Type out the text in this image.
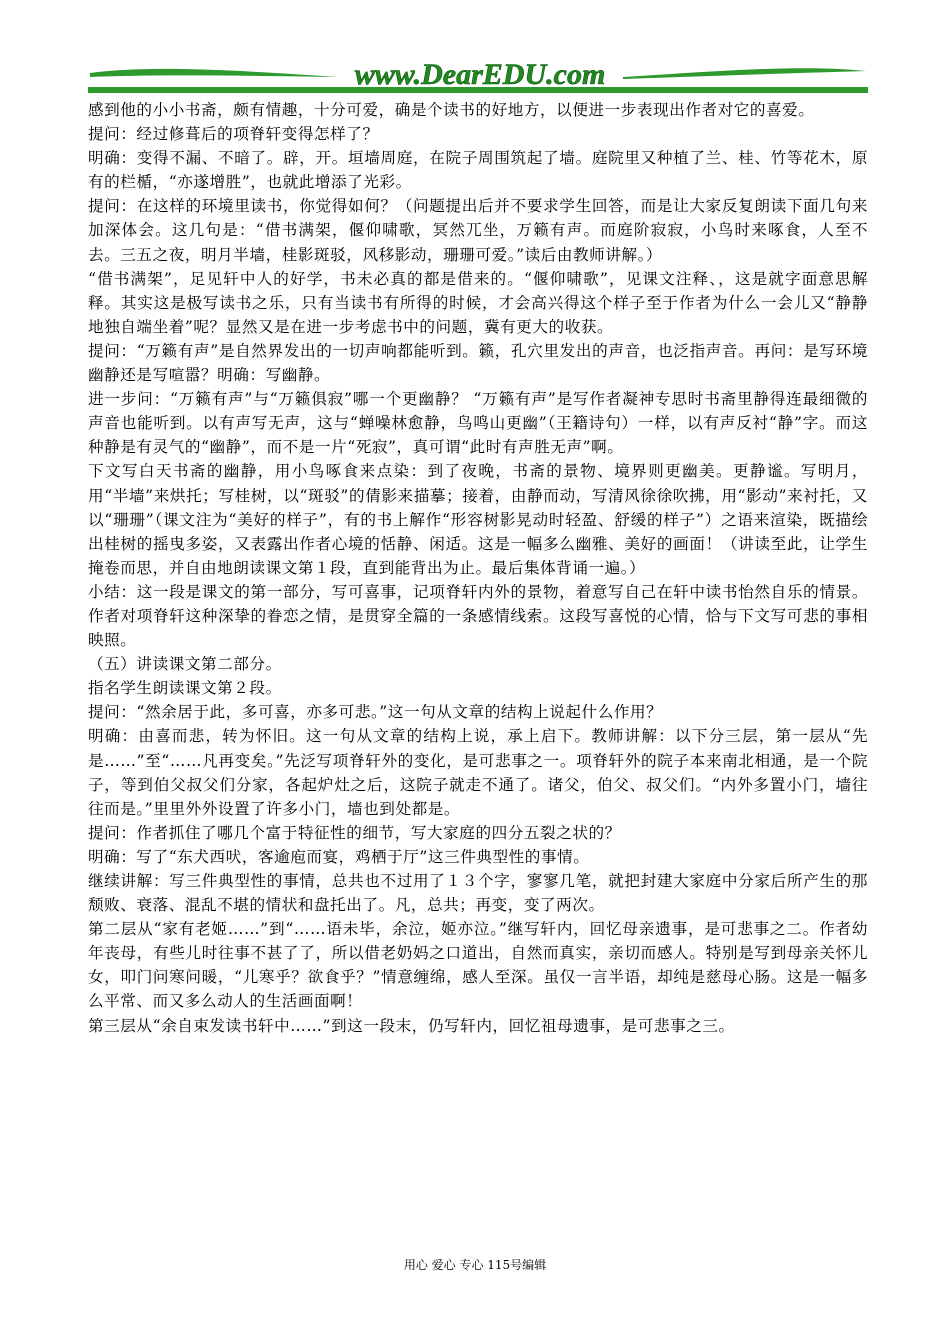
www.DearEDU.com

感到他的小小书斋，颇有情趣，十分可爱，确是个读书的好地方，以便进一步表现出作者对它的喜爱。

提问：经过修葺后的项脊轩变得怎样了？

明确：变得不漏、不暗了。辟，开。垣墙周庭，在院子周围筑起了墙。庭院里又种植了兰、桂、竹等花木，原有的栏楯，“亦遂增胜”，也就此增添了光彩。

提问：在这样的环境里读书，你觉得如何？（问题提出后并不要求学生回答，而是让大家反复朗读下面几句来加深体会。这几句是：“借书满架，偃仰啸歌，冥然兀坐，万籁有声。而庭阶寂寂，小鸟时来啄食，人至不去。三五之夜，明月半墙，桂影斑驳，风移影动，珊珊可爱。”读后由教师讲解。）

“借书满架”，足见轩中人的好学，书未必真的都是借来的。“偃仰啸歌”，见课文注释、，这是就字面意思解释。其实这是极写读书之乐，只有当读书有所得的时候，才会高兴得这个样子至于作者为什么一会儿又“静静地独自端坐着”呢？显然又是在进一步考虑书中的问题，冀有更大的收获。

提问：“万籁有声”是自然界发出的一切声响都能听到。籁，孔穴里发出的声音，也泛指声音。再问：是写环境幽静还是写喧嚣？明确：写幽静。

进一步问：“万籁有声”与“万籁俱寂”哪一个更幽静？ “万籁有声”是写作者凝神专思时书斋里静得连最细微的声音也能听到。以有声写无声，这与“蝉噪林愈静，鸟鸣山更幽”（王籍诗句）一样，以有声反衬“静”字。而这种静是有灵气的“幽静”，而不是一片“死寂”，真可谓“此时有声胜无声”啊。

下文写白天书斋的幽静，用小鸟啄食来点染：到了夜晚，书斋的景物、境界则更幽美。更静谧。写明月，用“半墙”来烘托；写桂树，以“斑驳”的倩影来描摹；接着，由静而动，写清风徐徐吹拂，用“影动”来衬托，又以“珊珊”（课文注为“美好的样子”，有的书上解作“形容树影晃动时轻盈、舒缓的样子”）之语来渲染，既描绘出桂树的摇曳多姿，又表露出作者心境的恬静、闲适。这是一幅多么幽雅、美好的画面！（讲读至此，让学生掩卷而思，并自由地朗读课文第１段，直到能背出为止。最后集体背诵一遍。）

小结：这一段是课文的第一部分，写可喜事，记项脊轩内外的景物，着意写自己在轩中读书怡然自乐的情景。作者对项脊轩这种深挚的眷恋之情，是贯穿全篇的一条感情线索。这段写喜悦的心情，恰与下文写可悲的事相映照。

（五）讲读课文第二部分。

指名学生朗读课文第２段。

提问：“然余居于此，多可喜，亦多可悲。”这一句从文章的结构上说起什么作用？

明确：由喜而悲，转为怀旧。这一句从文章的结构上说，承上启下。教师讲解：以下分三层，第一层从“先是……”至“……凡再变矣。”先泛写项脊轩外的变化，是可悲事之一。项脊轩外的院子本来南北相通，是一个院子，等到伯父叔父们分家，各起炉灶之后，这院子就走不通了。诸父，伯父、叔父们。“内外多置小门，墙往往而是。”里里外外设置了许多小门，墙也到处都是。

提问：作者抓住了哪几个富于特征性的细节，写大家庭的四分五裂之状的？

明确：写了“东犬西吠，客逾庖而宴，鸡栖于厅”这三件典型性的事情。

继续讲解：写三件典型性的事情，总共也不过用了１３个字，寥寥几笔，就把封建大家庭中分家后所产生的那颓败、衰落、混乱不堪的情状和盘托出了。凡，总共；再变，变了两次。

第二层从“家有老姬……”到“……语未毕，余泣，姬亦泣。”继写轩内，回忆母亲遗事，是可悲事之二。作者幼年丧母，有些儿时往事不甚了了，所以借老奶妈之口道出，自然而真实，亲切而感人。特别是写到母亲关怀儿女，叩门问寒问暖，“儿寒乎？欲食乎？”情意缠绵，感人至深。虽仅一言半语，却纯是慈母心肠。这是一幅多么平常、而又多么动人的生活画面啊！

第三层从“余自束发读书轩中……”到这一段末，仍写轩内，回忆祖母遗事，是可悲事之三。

用心 爱心 专心 115号编辑
